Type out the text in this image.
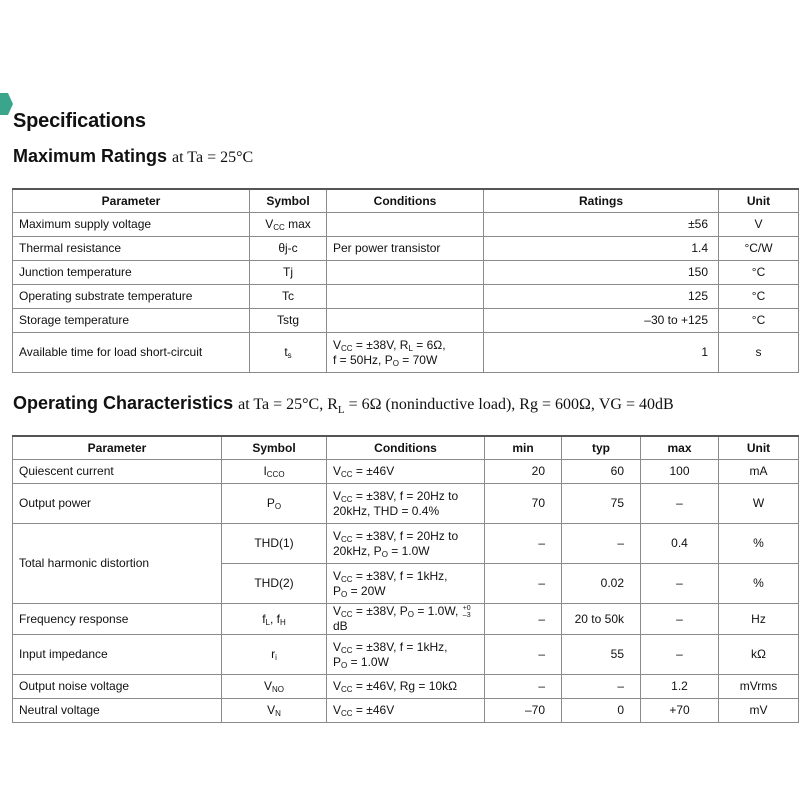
Specifications
Maximum Ratings at Ta = 25°C
Parameter	Symbol	Conditions	Ratings	Unit
Maximum supply voltage	$V_{CC}$ max		±56	V
Thermal resistance	θj-c	Per power transistor	1.4	°C/W
Junction temperature	Tj		150	°C
Operating substrate temperature	Tc		125	°C
Storage temperature	Tstg		–30 to +125	°C
Available time for load short-circuit	$t_s$	$V_{CC} = \pm 38V$, $R_L = 6\Omega$,
f = 50Hz, $P_O = 70W$	1	s
Operating Characteristics at Ta = 25°C, $R_L = 6\Omega$ (noninductive load), Rg = 600Ω, VG = 40dB
Parameter	Symbol	Conditions	min	typ	max	Unit
Quiescent current	$I_{CCO}$	$V_{CC} = \pm 46V$	20	60	100	mA
Output power	$P_O$	$V_{CC} = \pm 38V$, f = 20Hz to
20kHz, THD = 0.4%	70	75	–	W
Total harmonic distortion	THD(1)	$V_{CC} = \pm 38V$, f = 20Hz to
20kHz, $P_O = 1.0W$	–	–	0.4	%
	THD(2)	$V_{CC} = \pm 38V$, f = 1kHz,
$P_O = 20W$	–	0.02	–	%
Frequency response	$f_L$, $f_H$	$V_{CC} = \pm 38V$, $P_O = 1.0W$, +0
–3
dB	–	20 to 50k	–	Hz
Input impedance	$r_i$	$V_{CC} = \pm 38V$, f = 1kHz,
$P_O = 1.0W$	–	55	–	kΩ
Output noise voltage	$V_{NO}$	$V_{CC} = \pm 46V$, Rg = 10kΩ	–	–	1.2	mVrms
Neutral voltage	$V_N$	$V_{CC} = \pm 46V$	–70	0	+70	mV
